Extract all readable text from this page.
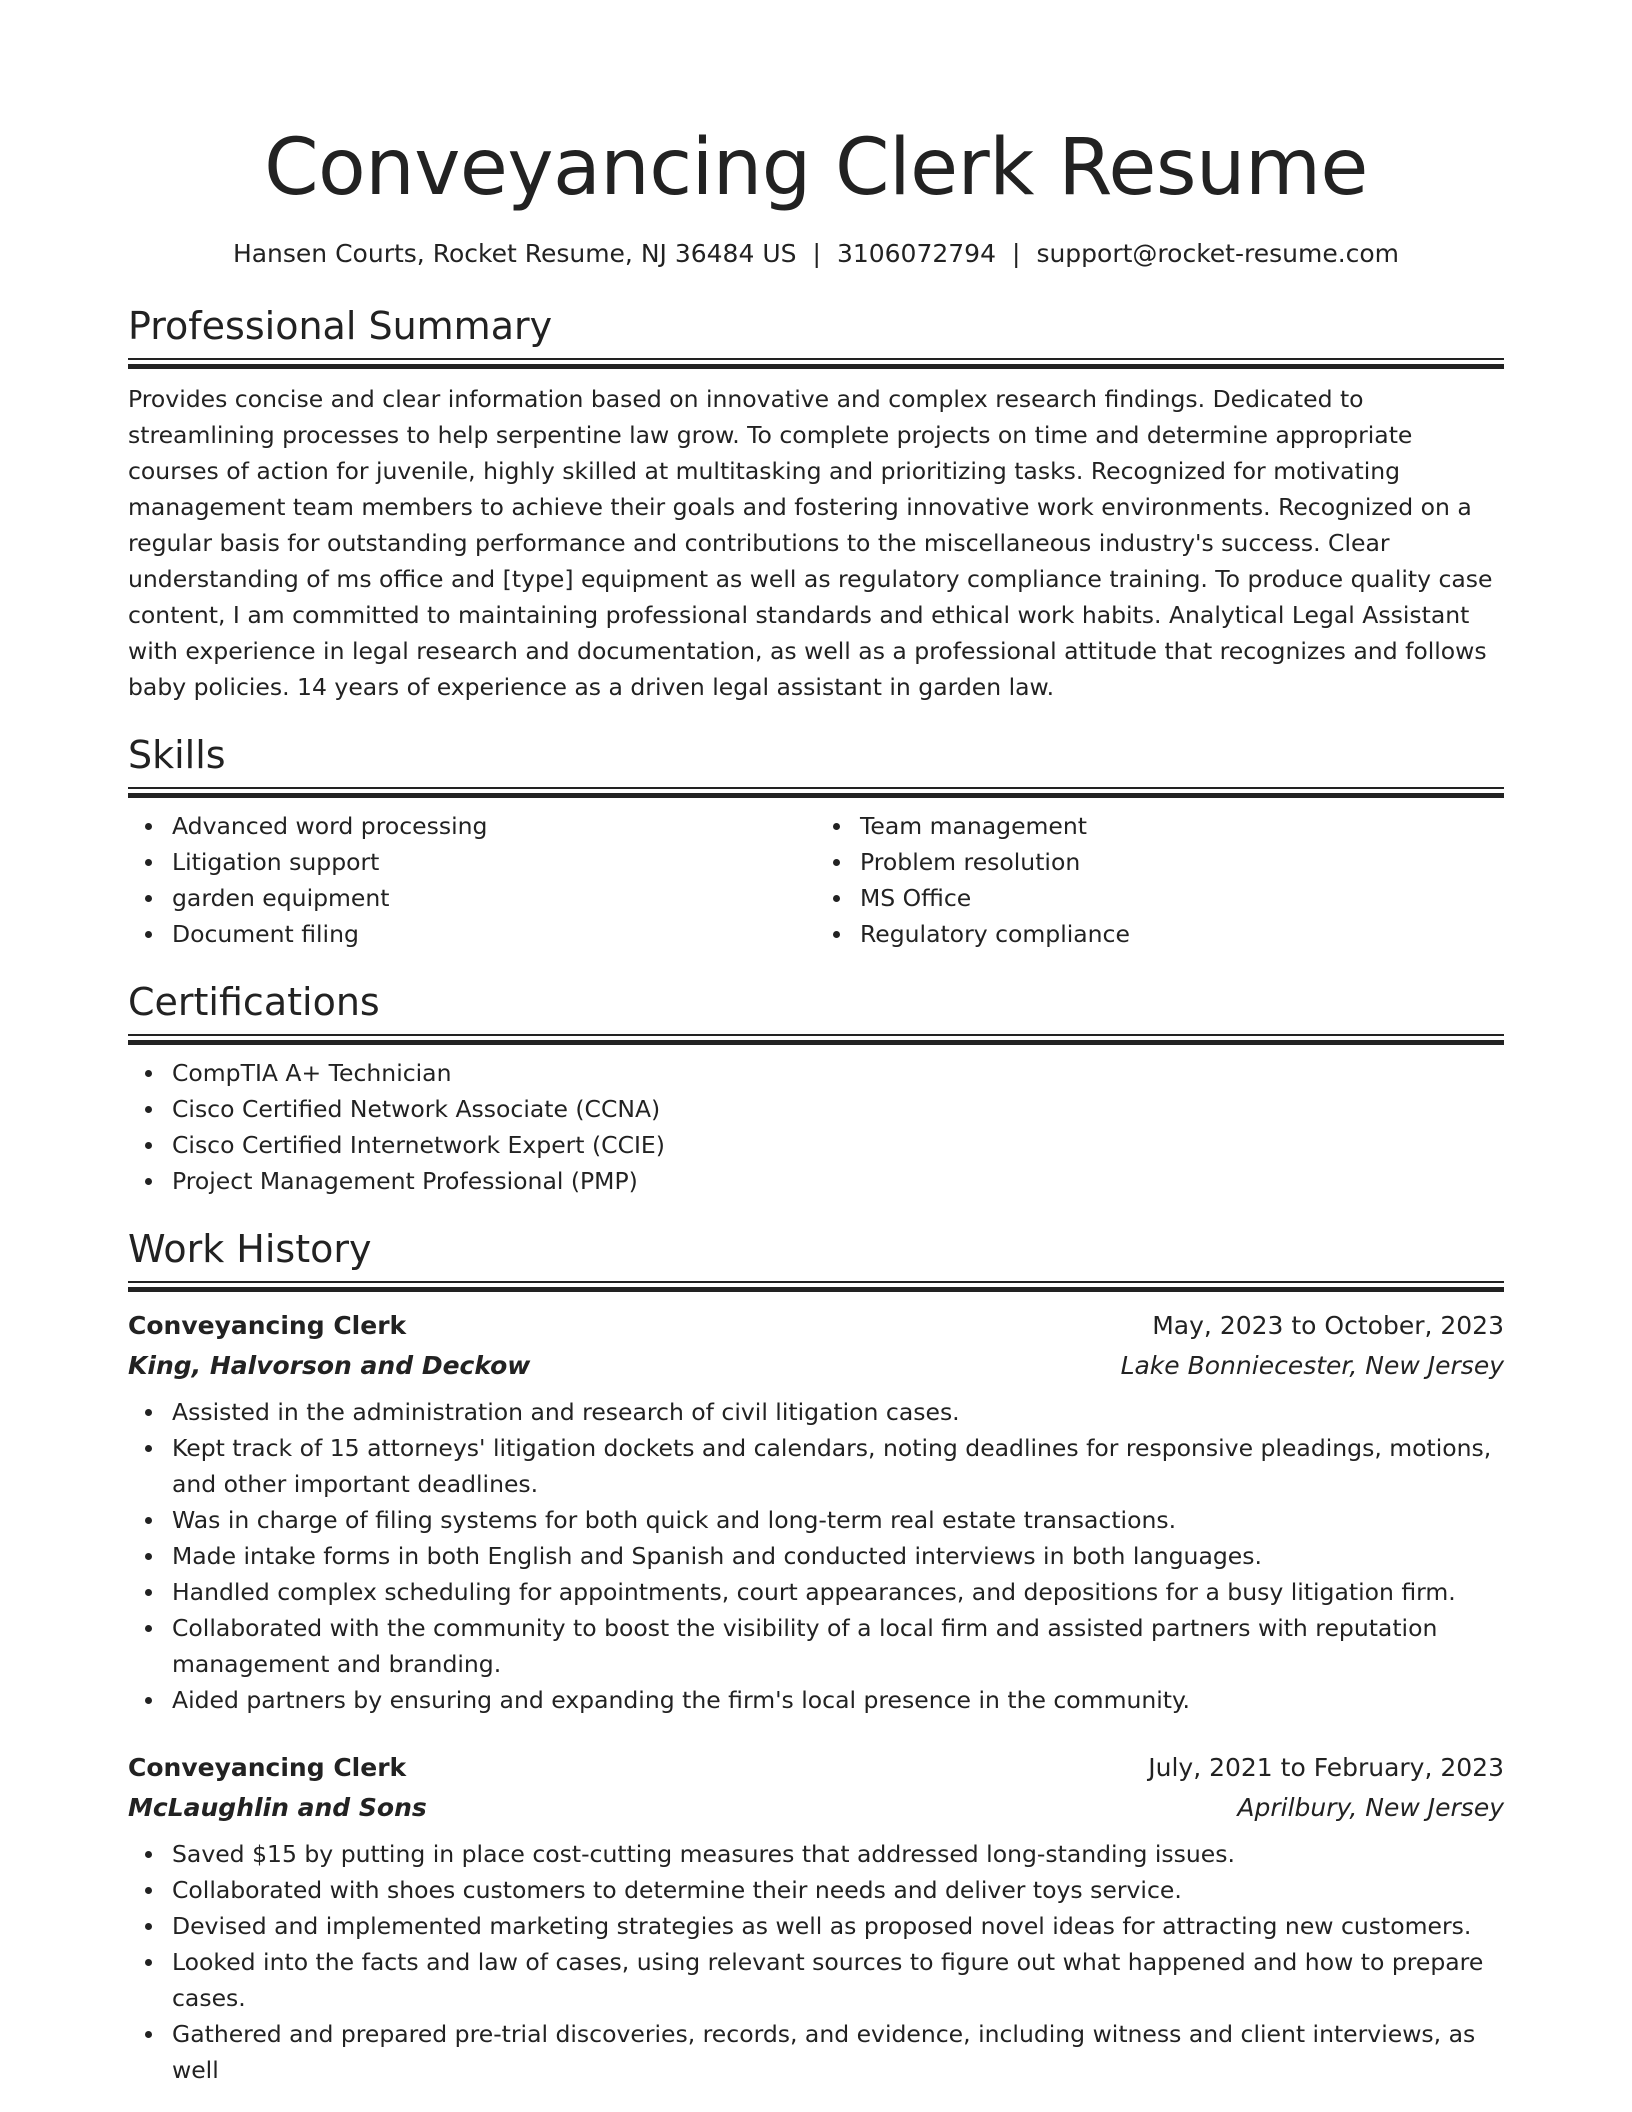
Conveyancing Clerk Resume
Hansen Courts, Rocket Resume, NJ 36484 US | 3106072794 | support@rocket-resume.com
Professional Summary

Provides concise and clear information based on innovative and complex research findings. Dedicated to streamlining processes to help serpentine law grow. To complete projects on time and determine appropriate courses of action for juvenile, highly skilled at multitasking and prioritizing tasks. Recognized for motivating management team members to achieve their goals and fostering innovative work environments. Recognized on a regular basis for outstanding performance and contributions to the miscellaneous industry's success. Clear understanding of ms office and [type] equipment as well as regulatory compliance training. To produce quality case content, I am committed to maintaining professional standards and ethical work habits. Analytical Legal Assistant with experience in legal research and documentation, as well as a professional attitude that recognizes and follows baby policies. 14 years of experience as a driven legal assistant in garden law.

Skills
Advanced word processing
Litigation support
garden equipment
Document filing
Team management
Problem resolution
MS Office
Regulatory compliance
Certifications
CompTIA A+ Technician
Cisco Certified Network Associate (CCNA)
Cisco Certified Internetwork Expert (CCIE)
Project Management Professional (PMP)
Work History
Conveyancing Clerk	May, 2023 to October, 2023
King, Halvorson and Deckow	Lake Bonniecester, New Jersey
Assisted in the administration and research of civil litigation cases.
Kept track of 15 attorneys' litigation dockets and calendars, noting deadlines for responsive pleadings, motions, and other important deadlines.
Was in charge of filing systems for both quick and long-term real estate transactions.
Made intake forms in both English and Spanish and conducted interviews in both languages.
Handled complex scheduling for appointments, court appearances, and depositions for a busy litigation firm.
Collaborated with the community to boost the visibility of a local firm and assisted partners with reputation management and branding.
Aided partners by ensuring and expanding the firm's local presence in the community.
Conveyancing Clerk	July, 2021 to February, 2023
McLaughlin and Sons	Aprilbury, New Jersey
Saved $15 by putting in place cost-cutting measures that addressed long-standing issues.
Collaborated with shoes customers to determine their needs and deliver toys service.
Devised and implemented marketing strategies as well as proposed novel ideas for attracting new customers.
Looked into the facts and law of cases, using relevant sources to figure out what happened and how to prepare cases.
Gathered and prepared pre-trial discoveries, records, and evidence, including witness and client interviews, as well
